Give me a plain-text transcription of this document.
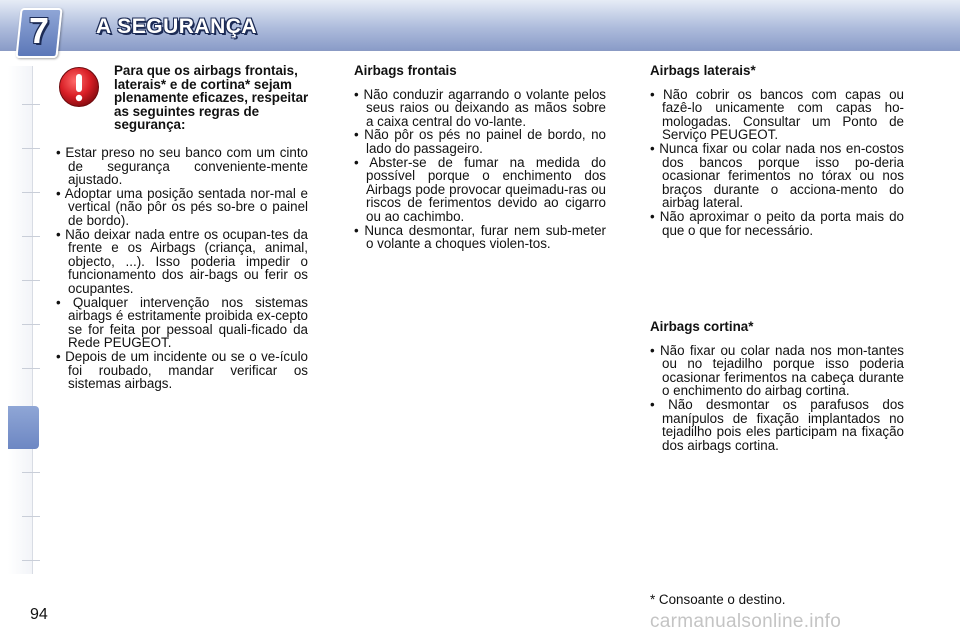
7	A SEGURANÇA
Para que os airbags frontais, laterais* e de cortina* sejam plenamente eficazes, respeitar as seguintes regras de segurança:
• Estar preso no seu banco com um cinto de segurança conveniente-mente ajustado.
• Adoptar uma posição sentada nor-mal e vertical (não pôr os pés so-bre o painel de bordo).
• Não deixar nada entre os ocupan-tes da frente e os Airbags (criança, animal, objecto, ...). Isso poderia impedir o funcionamento dos air-bags ou ferir os ocupantes.
• Qualquer intervenção nos sistemas airbags é estritamente proibida ex-cepto se for feita por pessoal quali-ficado da Rede PEUGEOT.
• Depois de um incidente ou se o ve-ículo foi roubado, mandar verificar os sistemas airbags.
Airbags frontais
• Não conduzir agarrando o volante pelos seus raios ou deixando as mãos sobre a caixa central do vo-lante.
• Não pôr os pés no painel de bordo, no lado do passageiro.
• Abster-se de fumar na medida do possível porque o enchimento dos Airbags pode provocar queimadu-ras ou riscos de ferimentos devido ao cigarro ou ao cachimbo.
• Nunca desmontar, furar nem sub-meter o volante a choques violen-tos.
Airbags laterais*
• Não cobrir os bancos com capas ou fazê-lo unicamente com capas ho-mologadas. Consultar um Ponto de Serviço PEUGEOT.
• Nunca fixar ou colar nada nos en-costos dos bancos porque isso po-deria ocasionar ferimentos no tórax ou nos braços durante o acciona-mento do airbag lateral.
• Não aproximar o peito da porta mais do que o que for necessário.
Airbags cortina*
• Não fixar ou colar nada nos mon-tantes ou no tejadilho porque isso poderia ocasionar ferimentos na cabeça durante o enchimento do airbag cortina.
• Não desmontar os parafusos dos manípulos de fixação implantados no tejadilho pois eles participam na fixação dos airbags cortina.
* Consoante o destino.
94	carmanualsonline.info
